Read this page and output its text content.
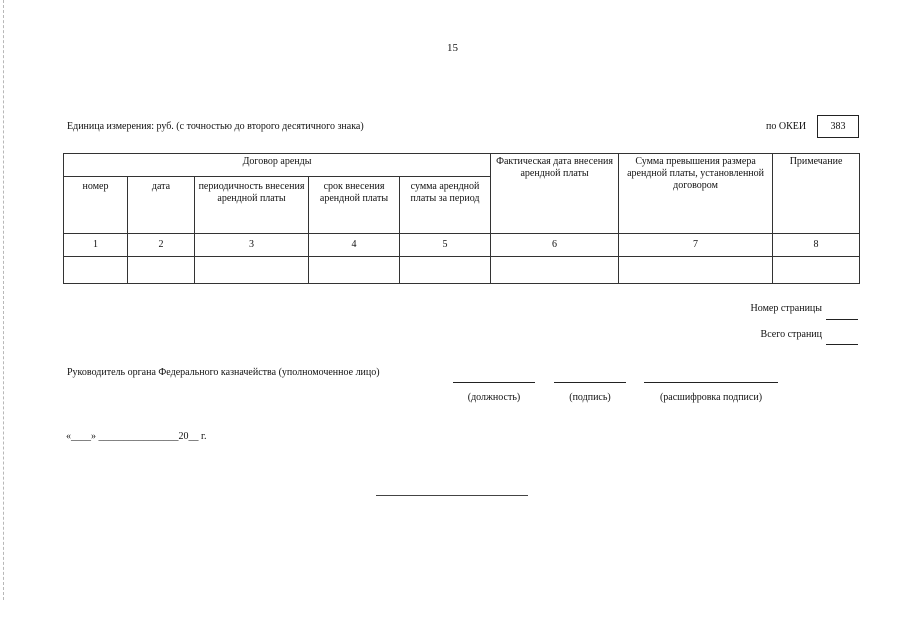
15
Единица измерения: руб. (с точностью до второго десятичного знака)	по ОКЕИ	383
Договор аренды					Фактическая дата внесения арендной платы	Сумма превышения размера арендной платы, установленной договором	Примечание
номер	дата	периодичность внесения арендной платы	срок внесения арендной платы	сумма арендной платы за период			
1	2	3	4	5	6	7	8

Номер страницы
Всего страниц
Руководитель органа Федерального казначейства (уполномоченное лицо)
(должность)	(подпись)	(расшифровка подписи)
«____» ________________20__ г.
